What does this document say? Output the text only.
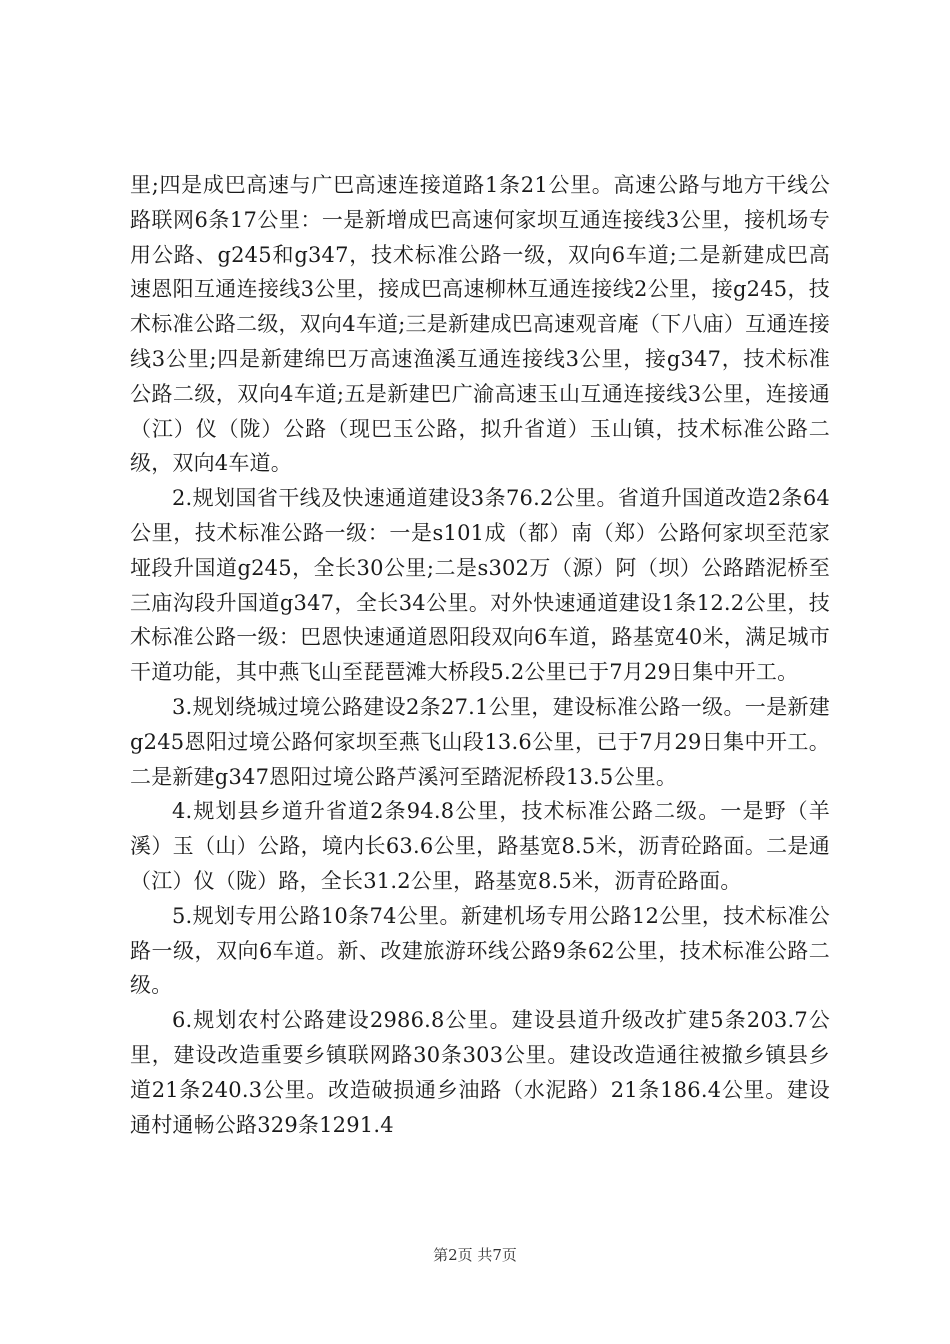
里;四是成巴高速与广巴高速连接道路1条21公里。高速公路与地方干线公路联网6条17公里：一是新增成巴高速何家坝互通连接线3公里，接机场专用公路、g245和g347，技术标准公路一级，双向6车道;二是新建成巴高速恩阳互通连接线3公里，接成巴高速柳林互通连接线2公里，接g245，技术标准公路二级，双向4车道;三是新建成巴高速观音庵（下八庙）互通连接线3公里;四是新建绵巴万高速渔溪互通连接线3公里，接g347，技术标准公路二级，双向4车道;五是新建巴广渝高速玉山互通连接线3公里，连接通（江）仪（陇）公路（现巴玉公路，拟升省道）玉山镇，技术标准公路二级，双向4车道。

2.规划国省干线及快速通道建设3条76.2公里。省道升国道改造2条64公里，技术标准公路一级：一是s101成（都）南（郑）公路何家坝至范家垭段升国道g245，全长30公里;二是s302万（源）阿（坝）公路踏泥桥至三庙沟段升国道g347，全长34公里。对外快速通道建设1条12.2公里，技术标准公路一级：巴恩快速通道恩阳段双向6车道，路基宽40米，满足城市干道功能，其中燕飞山至琵琶滩大桥段5.2公里已于7月29日集中开工。

3.规划绕城过境公路建设2条27.1公里，建设标准公路一级。一是新建g245恩阳过境公路何家坝至燕飞山段13.6公里，已于7月29日集中开工。二是新建g347恩阳过境公路芦溪河至踏泥桥段13.5公里。

4.规划县乡道升省道2条94.8公里，技术标准公路二级。一是野（羊溪）玉（山）公路，境内长63.6公里，路基宽8.5米，沥青砼路面。二是通（江）仪（陇）路，全长31.2公里，路基宽8.5米，沥青砼路面。

5.规划专用公路10条74公里。新建机场专用公路12公里，技术标准公路一级，双向6车道。新、改建旅游环线公路9条62公里，技术标准公路二级。

6.规划农村公路建设2986.8公里。建设县道升级改扩建5条203.7公里，建设改造重要乡镇联网路30条303公里。建设改造通往被撤乡镇县乡道21条240.3公里。改造破损通乡油路（水泥路）21条186.4公里。建设通村通畅公路329条1291.4

第2页 共7页
